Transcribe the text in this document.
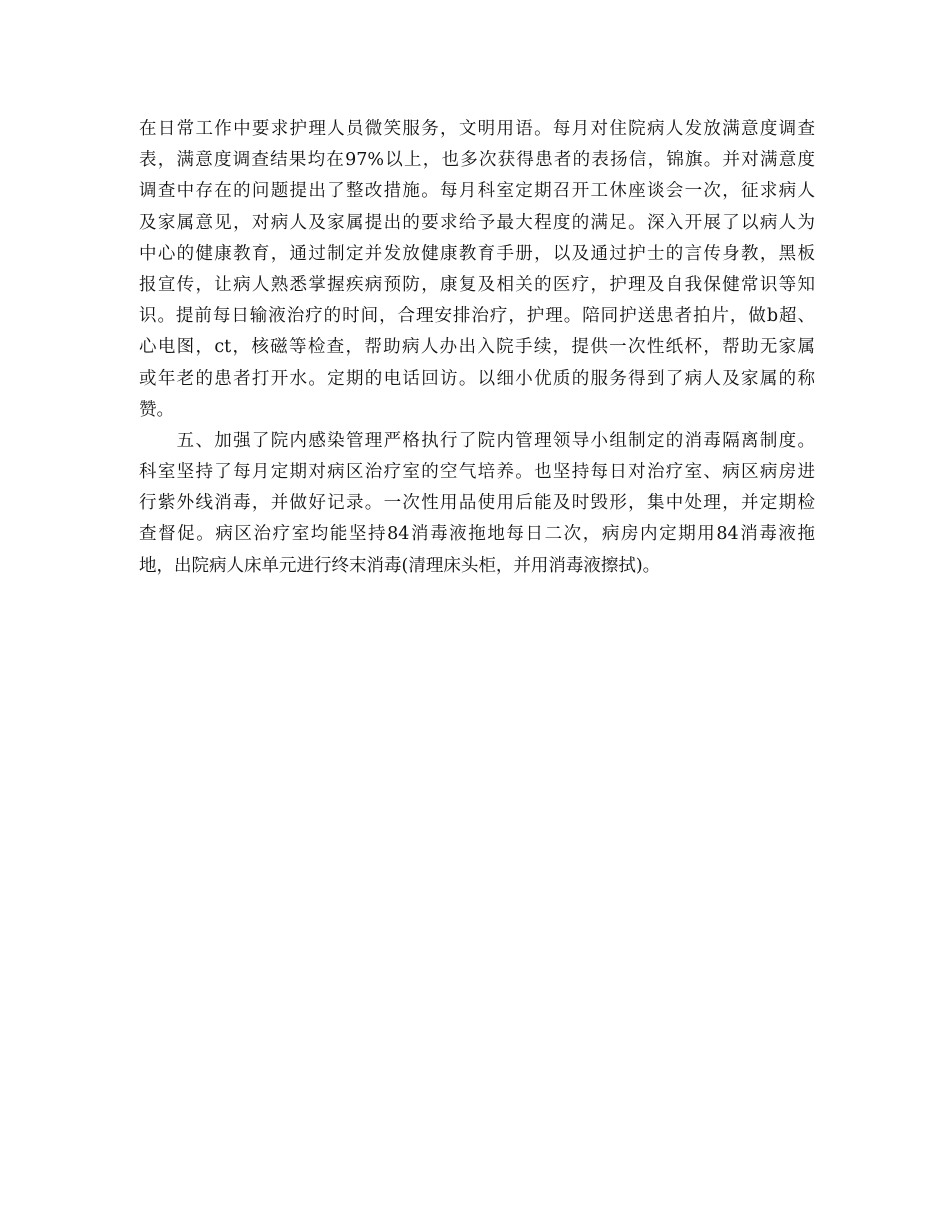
在日常工作中要求护理人员微笑服务，文明用语。每月对住院病人发放满意度调查
表，满意度调查结果均在97%以上，也多次获得患者的表扬信，锦旗。并对满意度
调查中存在的问题提出了整改措施。每月科室定期召开工休座谈会一次，征求病人
及家属意见，对病人及家属提出的要求给予最大程度的满足。深入开展了以病人为
中心的健康教育，通过制定并发放健康教育手册，以及通过护士的言传身教，黑板
报宣传，让病人熟悉掌握疾病预防，康复及相关的医疗，护理及自我保健常识等知
识。提前每日输液治疗的时间，合理安排治疗，护理。陪同护送患者拍片，做b超、
心电图，ct，核磁等检查，帮助病人办出入院手续，提供一次性纸杯，帮助无家属
或年老的患者打开水。定期的电话回访。以细小优质的服务得到了病人及家属的称
赞。
　　五、加强了院内感染管理严格执行了院内管理领导小组制定的消毒隔离制度。
科室坚持了每月定期对病区治疗室的空气培养。也坚持每日对治疗室、病区病房进
行紫外线消毒，并做好记录。一次性用品使用后能及时毁形，集中处理，并定期检
查督促。病区治疗室均能坚持84消毒液拖地每日二次，病房内定期用84消毒液拖
地，出院病人床单元进行终末消毒(清理床头柜，并用消毒液擦拭)。
